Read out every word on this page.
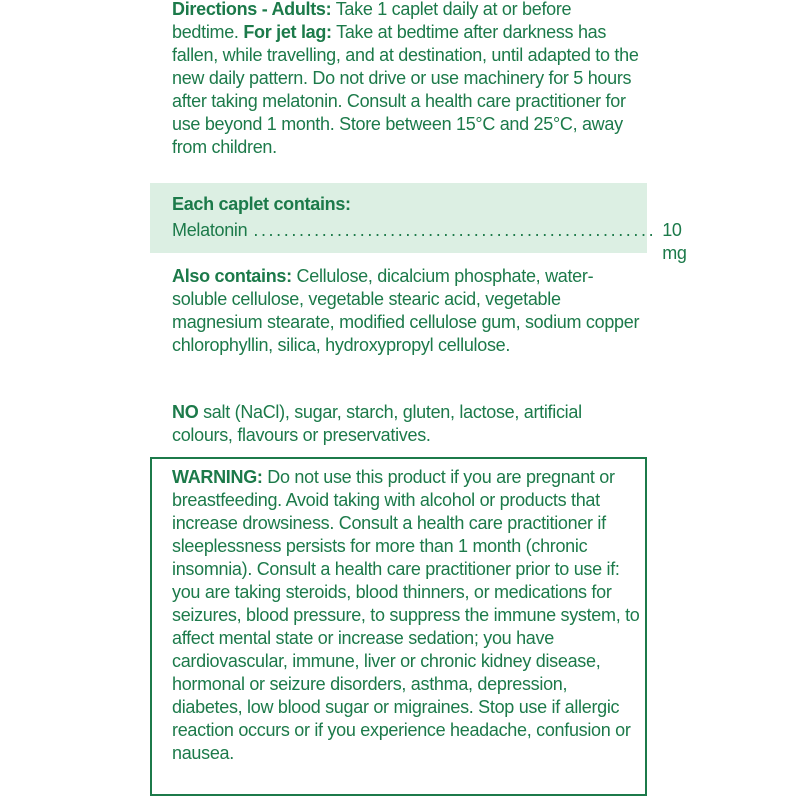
Directions - Adults: Take 1 caplet daily at or before bedtime. For jet lag: Take at bedtime after darkness has fallen, while travelling, and at destination, until adapted to the new daily pattern. Do not drive or use machinery for 5 hours after taking melatonin. Consult a health care practitioner for use beyond 1 month. Store between 15°C and 25°C, away from children.
Each caplet contains:
Melatonin ..................................................... 10 mg
Also contains: Cellulose, dicalcium phosphate, water-soluble cellulose, vegetable stearic acid, vegetable magnesium stearate, modified cellulose gum, sodium copper chlorophyllin, silica, hydroxypropyl cellulose.
NO salt (NaCl), sugar, starch, gluten, lactose, artificial colours, flavours or preservatives.
WARNING: Do not use this product if you are pregnant or breastfeeding. Avoid taking with alcohol or products that increase drowsiness. Consult a health care practitioner if sleeplessness persists for more than 1 month (chronic insomnia). Consult a health care practitioner prior to use if: you are taking steroids, blood thinners, or medications for seizures, blood pressure, to suppress the immune system, to affect mental state or increase sedation; you have cardiovascular, immune, liver or chronic kidney disease, hormonal or seizure disorders, asthma, depression, diabetes, low blood sugar or migraines. Stop use if allergic reaction occurs or if you experience headache, confusion or nausea.
